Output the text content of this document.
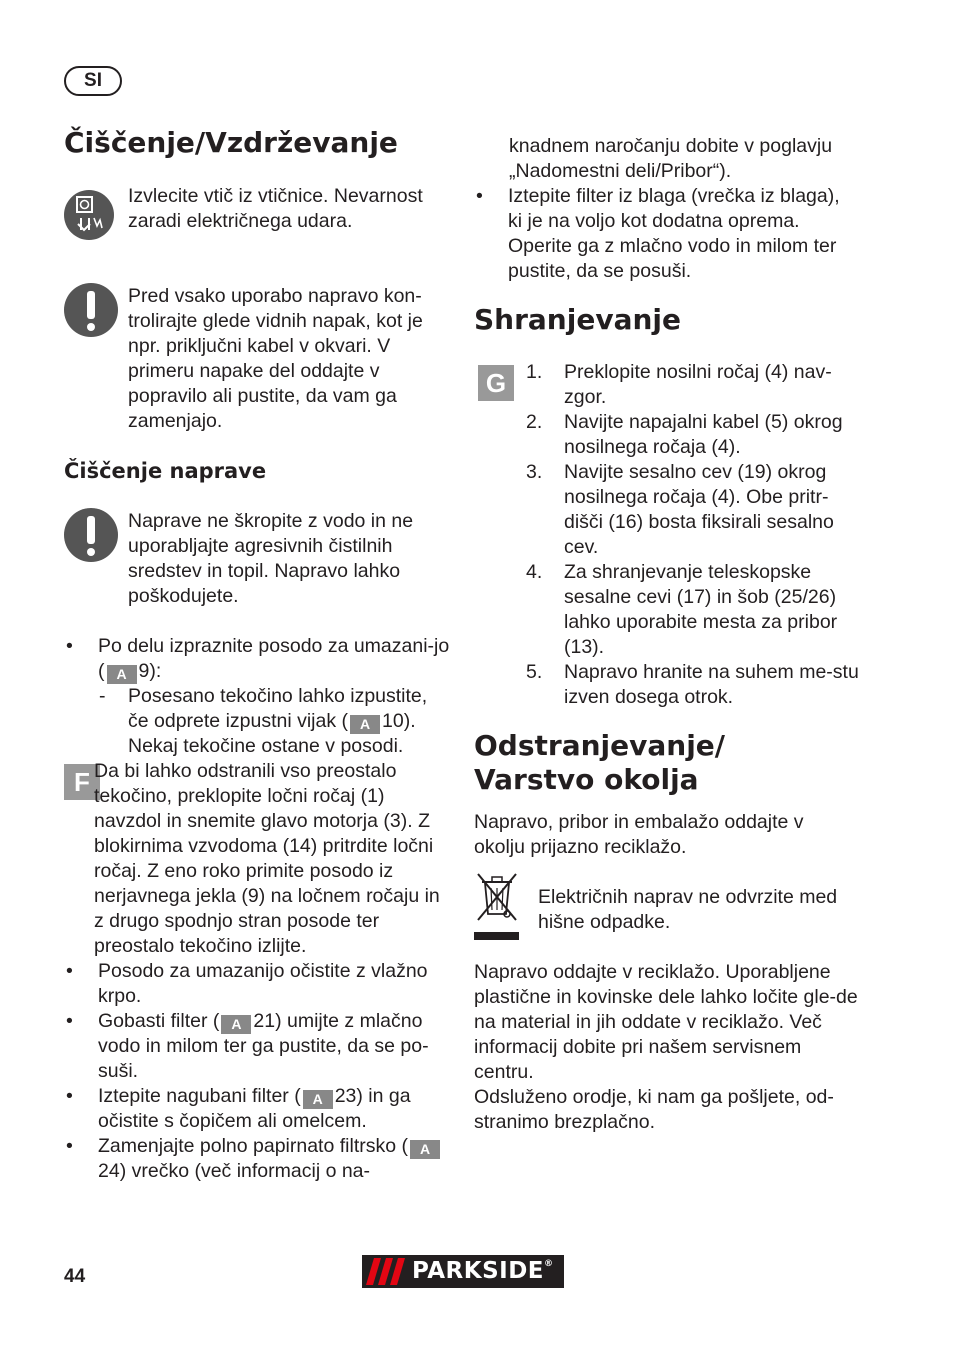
SI
Čiščenje/Vzdrževanje
Izvlecite vtič iz vtičnice. Nevarnost zaradi električnega udara.
Pred vsako uporabo napravo kon-trolirajte glede vidnih napak, kot je npr. priključni kabel v okvari. V primeru napake del oddajte v popravilo ali pustite, da vam ga zamenjajo.
Čiščenje naprave
Naprave ne škropite z vodo in ne uporabljajte agresivnih čistilnih sredstev in topil. Napravo lahko poškodujete.
F
• Po delu izpraznite posodo za umazani-jo ( A 9):
- Posesano tekočino lahko izpustite, če odprete izpustni vijak ( A 10). Nekaj tekočine ostane v posodi.
Da bi lahko odstranili vso preostalo tekočino, preklopite ločni ročaj (1) navzdol in snemite glavo motorja (3). Z blokirnima vzvodoma (14) pritrdite ločni ročaj. Z eno roko primite posodo iz nerjavnega jekla (9) na ločnem ročaju in z drugo spodnjo stran posode ter preostalo tekočino izlijte.
• Posodo za umazanijo očistite z vlažno krpo.
• Gobasti filter ( A 21) umijte z mlačno vodo in milom ter ga pustite, da se po-suši.
• Iztepite nagubani filter ( A 23) in ga očistite s čopičem ali omelcem.
• Zamenjajte polno papirnato filtrsko ( A24) vrečko (več informacij o na-
knadnem naročanju dobite v poglavju „Nadomestni deli/Pribor“).
• Iztepite filter iz blaga (vrečka iz blaga), ki je na voljo kot dodatna oprema. Operite ga z mlačno vodo in milom ter pustite, da se posuši.
Shranjevanje
G	1. Preklopite nosilni ročaj (4) nav-zgor.
2. Navijte napajalni kabel (5) okrog nosilnega ročaja (4).
3. Navijte sesalno cev (19) okrog nosilnega ročaja (4). Obe pritr-dišči (16) bosta fiksirali sesalno cev.
4. Za shranjevanje teleskopske sesalne cevi (17) in šob (25/26) lahko uporabite mesta za pribor (13).
5. Napravo hranite na suhem me-stu izven dosega otrok.
Odstranjevanje/
Varstvo okolja
Napravo, pribor in embalažo oddajte v okolju prijazno reciklažo.
Električnih naprav ne odvrzite med hišne odpadke.
Napravo oddajte v reciklažo. Uporabljene plastične in kovinske dele lahko ločite gle-de na material in jih oddate v reciklažo. Več informacij dobite pri našem servisnem centru.
Odsluženo orodje, ki nam ga pošljete, od-stranimo brezplačno.
44	PARKSIDE®
